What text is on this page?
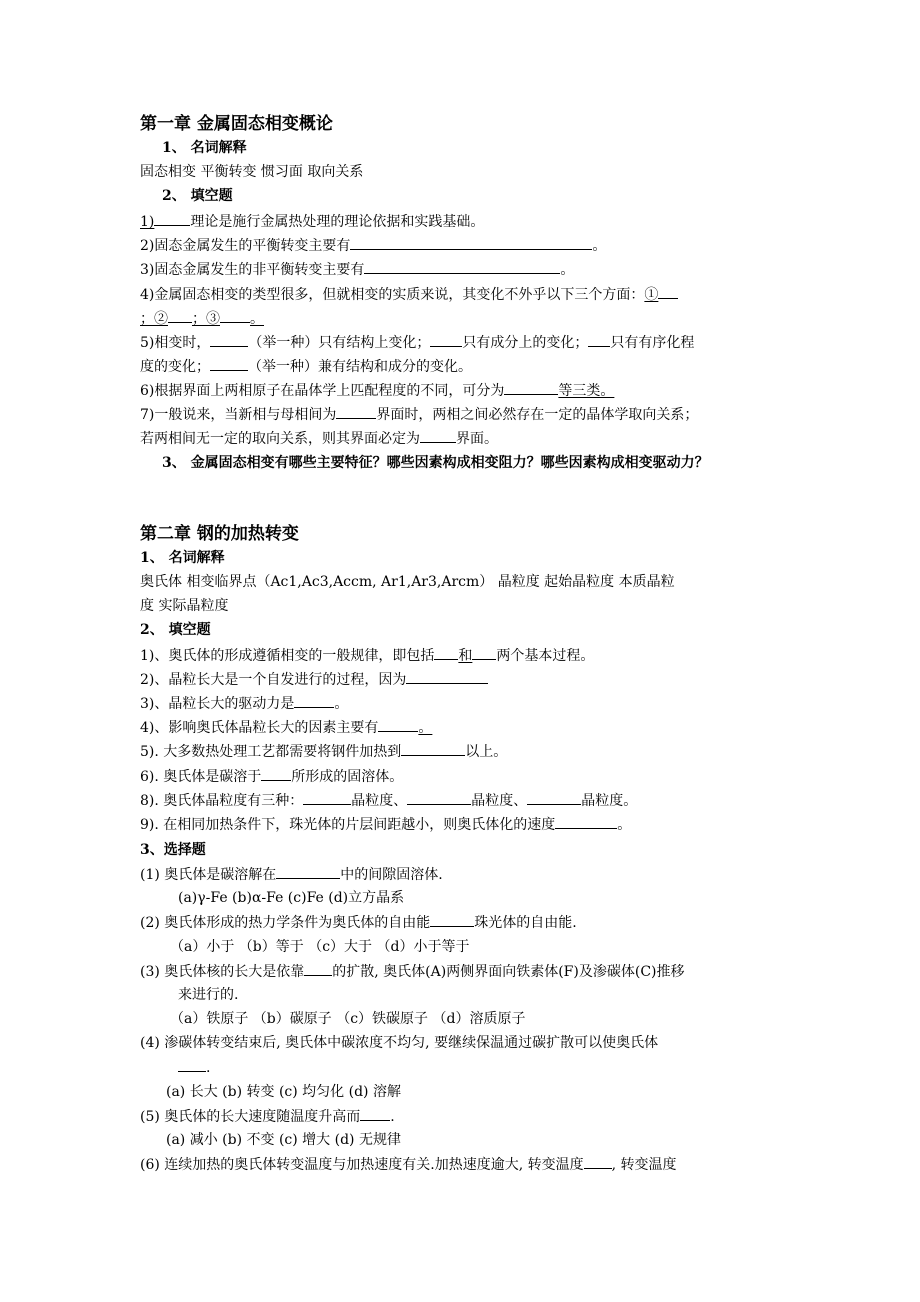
第一章 金属固态相变概论
1、 名词解释
固态相变 平衡转变 惯习面 取向关系
2、 填空题
1)	理论是施行金属热处理的理论依据和实践基础。
2)固态金属发生的平衡转变主要有	。
3)固态金属发生的非平衡转变主要有	。
4)金属固态相变的类型很多，但就相变的实质来说，其变化不外乎以下三个方面：①
；② ；③ 。
5)相变时，	（举一种）只有结构上变化； 只有成分上的变化； 只有有序化程
度的变化；	（举一种）兼有结构和成分的变化。
6)根据界面上两相原子在晶体学上匹配程度的不同，可分为	等三类。
7)一般说来，当新相与母相间为	界面时，两相之间必然存在一定的晶体学取向关系；
若两相间无一定的取向关系，则其界面必定为	界面。
3、 金属固态相变有哪些主要特征？哪些因素构成相变阻力？哪些因素构成相变驱动力？
第二章 钢的加热转变
1、 名词解释
奥氏体 相变临界点（Ac1,Ac3,Accm, Ar1,Ar3,Arcm） 晶粒度 起始晶粒度 本质晶粒
度 实际晶粒度
2、 填空题
1)、奥氏体的形成遵循相变的一般规律，即包括 和 两个基本过程。
2)、晶粒长大是一个自发进行的过程，因为
3)、晶粒长大的驱动力是	。
4)、影响奥氏体晶粒长大的因素主要有	。
5). 大多数热处理工艺都需要将钢件加热到	以上。
6). 奥氏体是碳溶于 所形成的固溶体。
8). 奥氏体晶粒度有三种：	晶粒度、	晶粒度、	晶粒度。
9). 在相同加热条件下，珠光体的片层间距越小，则奥氏体化的速度	。
3、选择题
(1) 奥氏体是碳溶解在	中的间隙固溶体.
(a)γ-Fe (b)α-Fe (c)Fe (d)立方晶系
(2) 奥氏体形成的热力学条件为奥氏体的自由能	珠光体的自由能.
（a）小于 （b）等于 （c）大于 （d）小于等于
(3) 奥氏体核的长大是依靠 的扩散, 奥氏体(A)两侧界面向铁素体(F)及渗碳体(C)推移
来进行的.
（a）铁原子 （b）碳原子 （c）铁碳原子 （d）溶质原子
(4) 渗碳体转变结束后, 奥氏体中碳浓度不均匀, 要继续保温通过碳扩散可以使奥氏体
.
(a) 长大 (b) 转变 (c) 均匀化 (d) 溶解
(5) 奥氏体的长大速度随温度升高而 .
(a) 减小 (b) 不变 (c) 增大 (d) 无规律
(6) 连续加热的奥氏体转变温度与加热速度有关.加热速度逾大, 转变温度 , 转变温度
